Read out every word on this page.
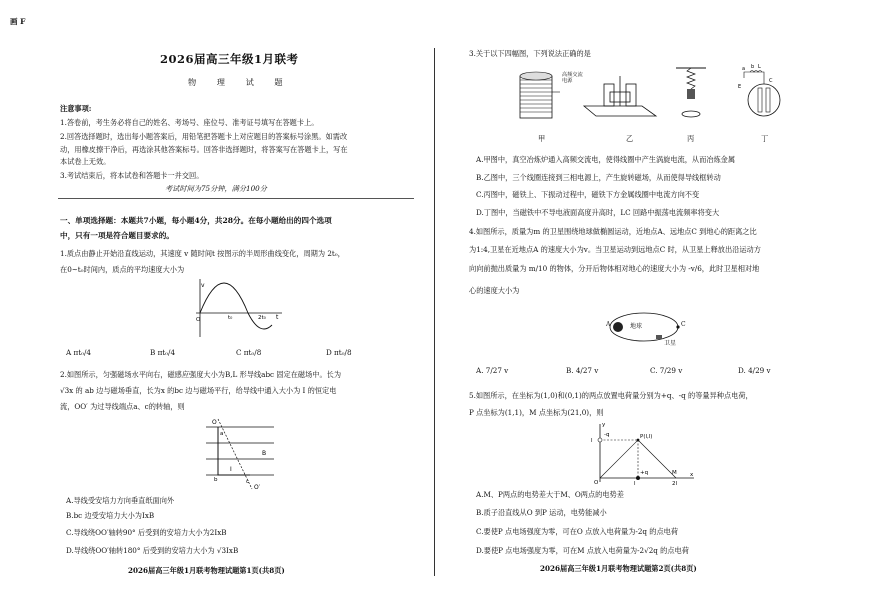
画 F
2026届高三年级1月联考
物 理 试 题
注意事项:
1.答卷前，考生务必将自己的姓名、考场号、座位号、准考证号填写在答题卡上。
2.回答选择题时，选出每小题答案后，用铅笔把答题卡上对应题目的答案标号涂黑。如需改
动，用橡皮擦干净后，再选涂其他答案标号。回答非选择题时，将答案写在答题卡上，写在
本试卷上无效。
3.考试结束后，将本试卷和答题卡一并交回。
考试时间为75分钟，满分100分
一、单项选择题：本题共7小题，每小题4分，共28分。在每小题给出的四个选项
中，只有一项是符合题目要求的。
1.质点由静止开始沿直线运动，其速度 v 随时间t 按图示的半周形曲线变化，周期为 2t₀，
在0~t₀时间内，质点的平均速度大小为
v
O	t₀	2t₀ t
A πt₀/4	B πt₀/4	C πt₀/8	D πt₀/8
2.如图所示，匀强磁场水平向右，磁感应强度大小为B,L 形导线abc 固定在磁场中。长为
√3x 的 ab 边与磁场垂直，长为x 的bc 边与磁场平行，给导线中通入大小为 I 的恒定电
流，OO′ 为过导线端点a、c的转轴，则
O
O′
B
I
a
b	c
A.导线受安培力方向垂直纸面向外
B.bc 边受安培力大小为IxB
C.导线绕OO′轴转90° 后受到的安培力大小为2IxB
D.导线绕OO′轴转180° 后受到的安培力大小为 √3IxB
2026届高三年级1月联考物理试题第1页(共8页)
3.关于以下四幅图，下列说法正确的是
a b L
C
E
高频交流电源
甲	乙	丙	丁
A.甲图中，真空冶炼炉通入高频交流电，使得线圈中产生涡旋电流，从而冶炼金属
B.乙图中，三个线圈连接到三相电源上，产生旋转磁场，从而使得导线框转动
C.丙图中，磁铁上、下振动过程中，磁铁下方金属线圈中电流方向不变
D.丁图中，当磁铁中不导电液面高度升高时，LC 回路中振荡电流频率将变大
4.如图所示，质量为m 的卫星围绕地球做椭圆运动，近地点A、远地点C 到地心的距离之比
为1:4,卫星在近地点A 的速度大小为v。当卫星运动到远地点C 时，从卫星上释放出沿运动方
向向前抛出质量为 m/10 的物体，分开后物体相对地心的速度大小为 -v/6，此时卫星相对地
心的速度大小为
A	地球	C
卫星
A. 7/27 v	B. 4/27 v	C. 7/29 v	D. 4/29 v
5.如图所示，在坐标为(1,0)和(0,1)的两点放置电荷量分别为+q、-q 的等量异种点电荷，
P 点坐标为(1,1)，M 点坐标为(21,0)，则
l
O
P(l,l)
+q
-q
l
M
2l
x
y
A.M、P两点的电势差大于M、O两点的电势差
B.质子沿直线从O 到P 运动，电势能减小
C.要使P 点电场强度为零，可在O 点放入电荷量为-2q 的点电荷
D.要使P 点电场强度为零，可在M 点放入电荷量为-2√2q 的点电荷
2026届高三年级1月联考物理试题第2页(共8页)
